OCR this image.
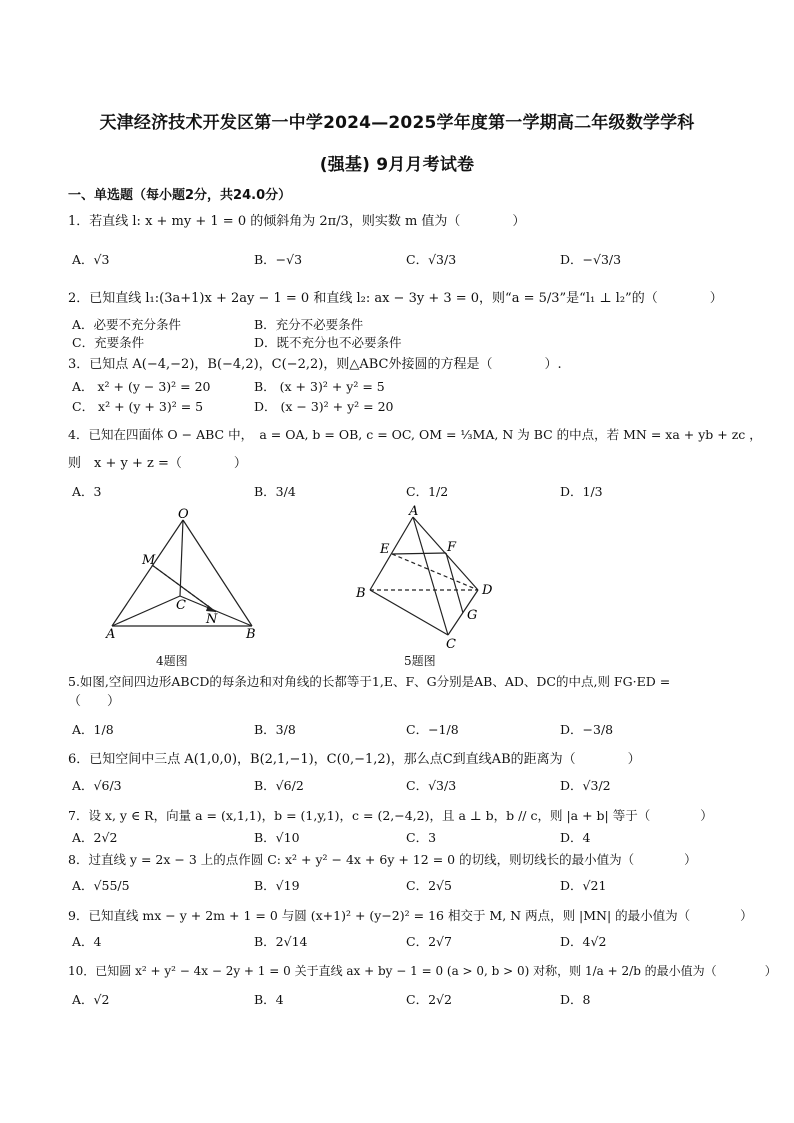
天津经济技术开发区第一中学2024—2025学年度第一学期高二年级数学学科
(强基) 9月月考试卷
一、单选题（每小题2分，共24.0分）
1．若直线 l: x + my + 1 = 0 的倾斜角为 2π/3，则实数 m 值为（　　　　）
A．√3	B．−√3	C．√3/3	D．−√3/3
2．已知直线 l₁:(3a+1)x + 2ay − 1 = 0 和直线 l₂: ax − 3y + 3 = 0，则“a = 5/3”是“l₁ ⊥ l₂”的（　　　　）
A．必要不充分条件	B．充分不必要条件
C．充要条件	D．既不充分也不必要条件
3．已知点 A(−4,−2)，B(−4,2)，C(−2,2)，则△ABC外接圆的方程是（　　　　）.
A． x² + (y − 3)² = 20	B． (x + 3)² + y² = 5
C． x² + (y + 3)² = 5	D． (x − 3)² + y² = 20
4．已知在四面体 O − ABC 中，　a = OA, b = OB, c = OC, OM = ⅓MA, N 为 BC 的中点，若 MN = xa + yb + zc ，
则　x + y + z =（　　　　）
A．3	B．3/4	C．1/2	D．1/3
O
M
C
N
A	B
4题图
A
E	F
D
B
G
C
5题图
5.如图,空间四边形ABCD的每条边和对角线的长都等于1,E、F、G分别是AB、AD、DC的中点,则 FG·ED =
（　　）
A．1/8	B．3/8	C．−1/8	D．−3/8
6．已知空间中三点 A(1,0,0)，B(2,1,−1)，C(0,−1,2)，那么点C到直线AB的距离为（　　　　）
A．√6/3	B．√6/2	C．√3/3	D．√3/2
7．设 x, y ∈ R，向量 a = (x,1,1)，b = (1,y,1)，c = (2,−4,2)，且 a ⊥ b，b // c，则 |a + b| 等于（　　　　）
A．2√2	B．√10	C．3	D．4
8．过直线 y = 2x − 3 上的点作圆 C: x² + y² − 4x + 6y + 12 = 0 的切线，则切线长的最小值为（　　　　）
A．√55/5	B．√19	C．2√5	D．√21
9．已知直线 mx − y + 2m + 1 = 0 与圆 (x+1)² + (y−2)² = 16 相交于 M, N 两点，则 |MN| 的最小值为（　　　　）
A．4	B．2√14	C．2√7	D．4√2
10．已知圆 x² + y² − 4x − 2y + 1 = 0 关于直线 ax + by − 1 = 0 (a > 0, b > 0) 对称，则 1/a + 2/b 的最小值为（　　　　）
A．√2	B．4	C．2√2	D．8
